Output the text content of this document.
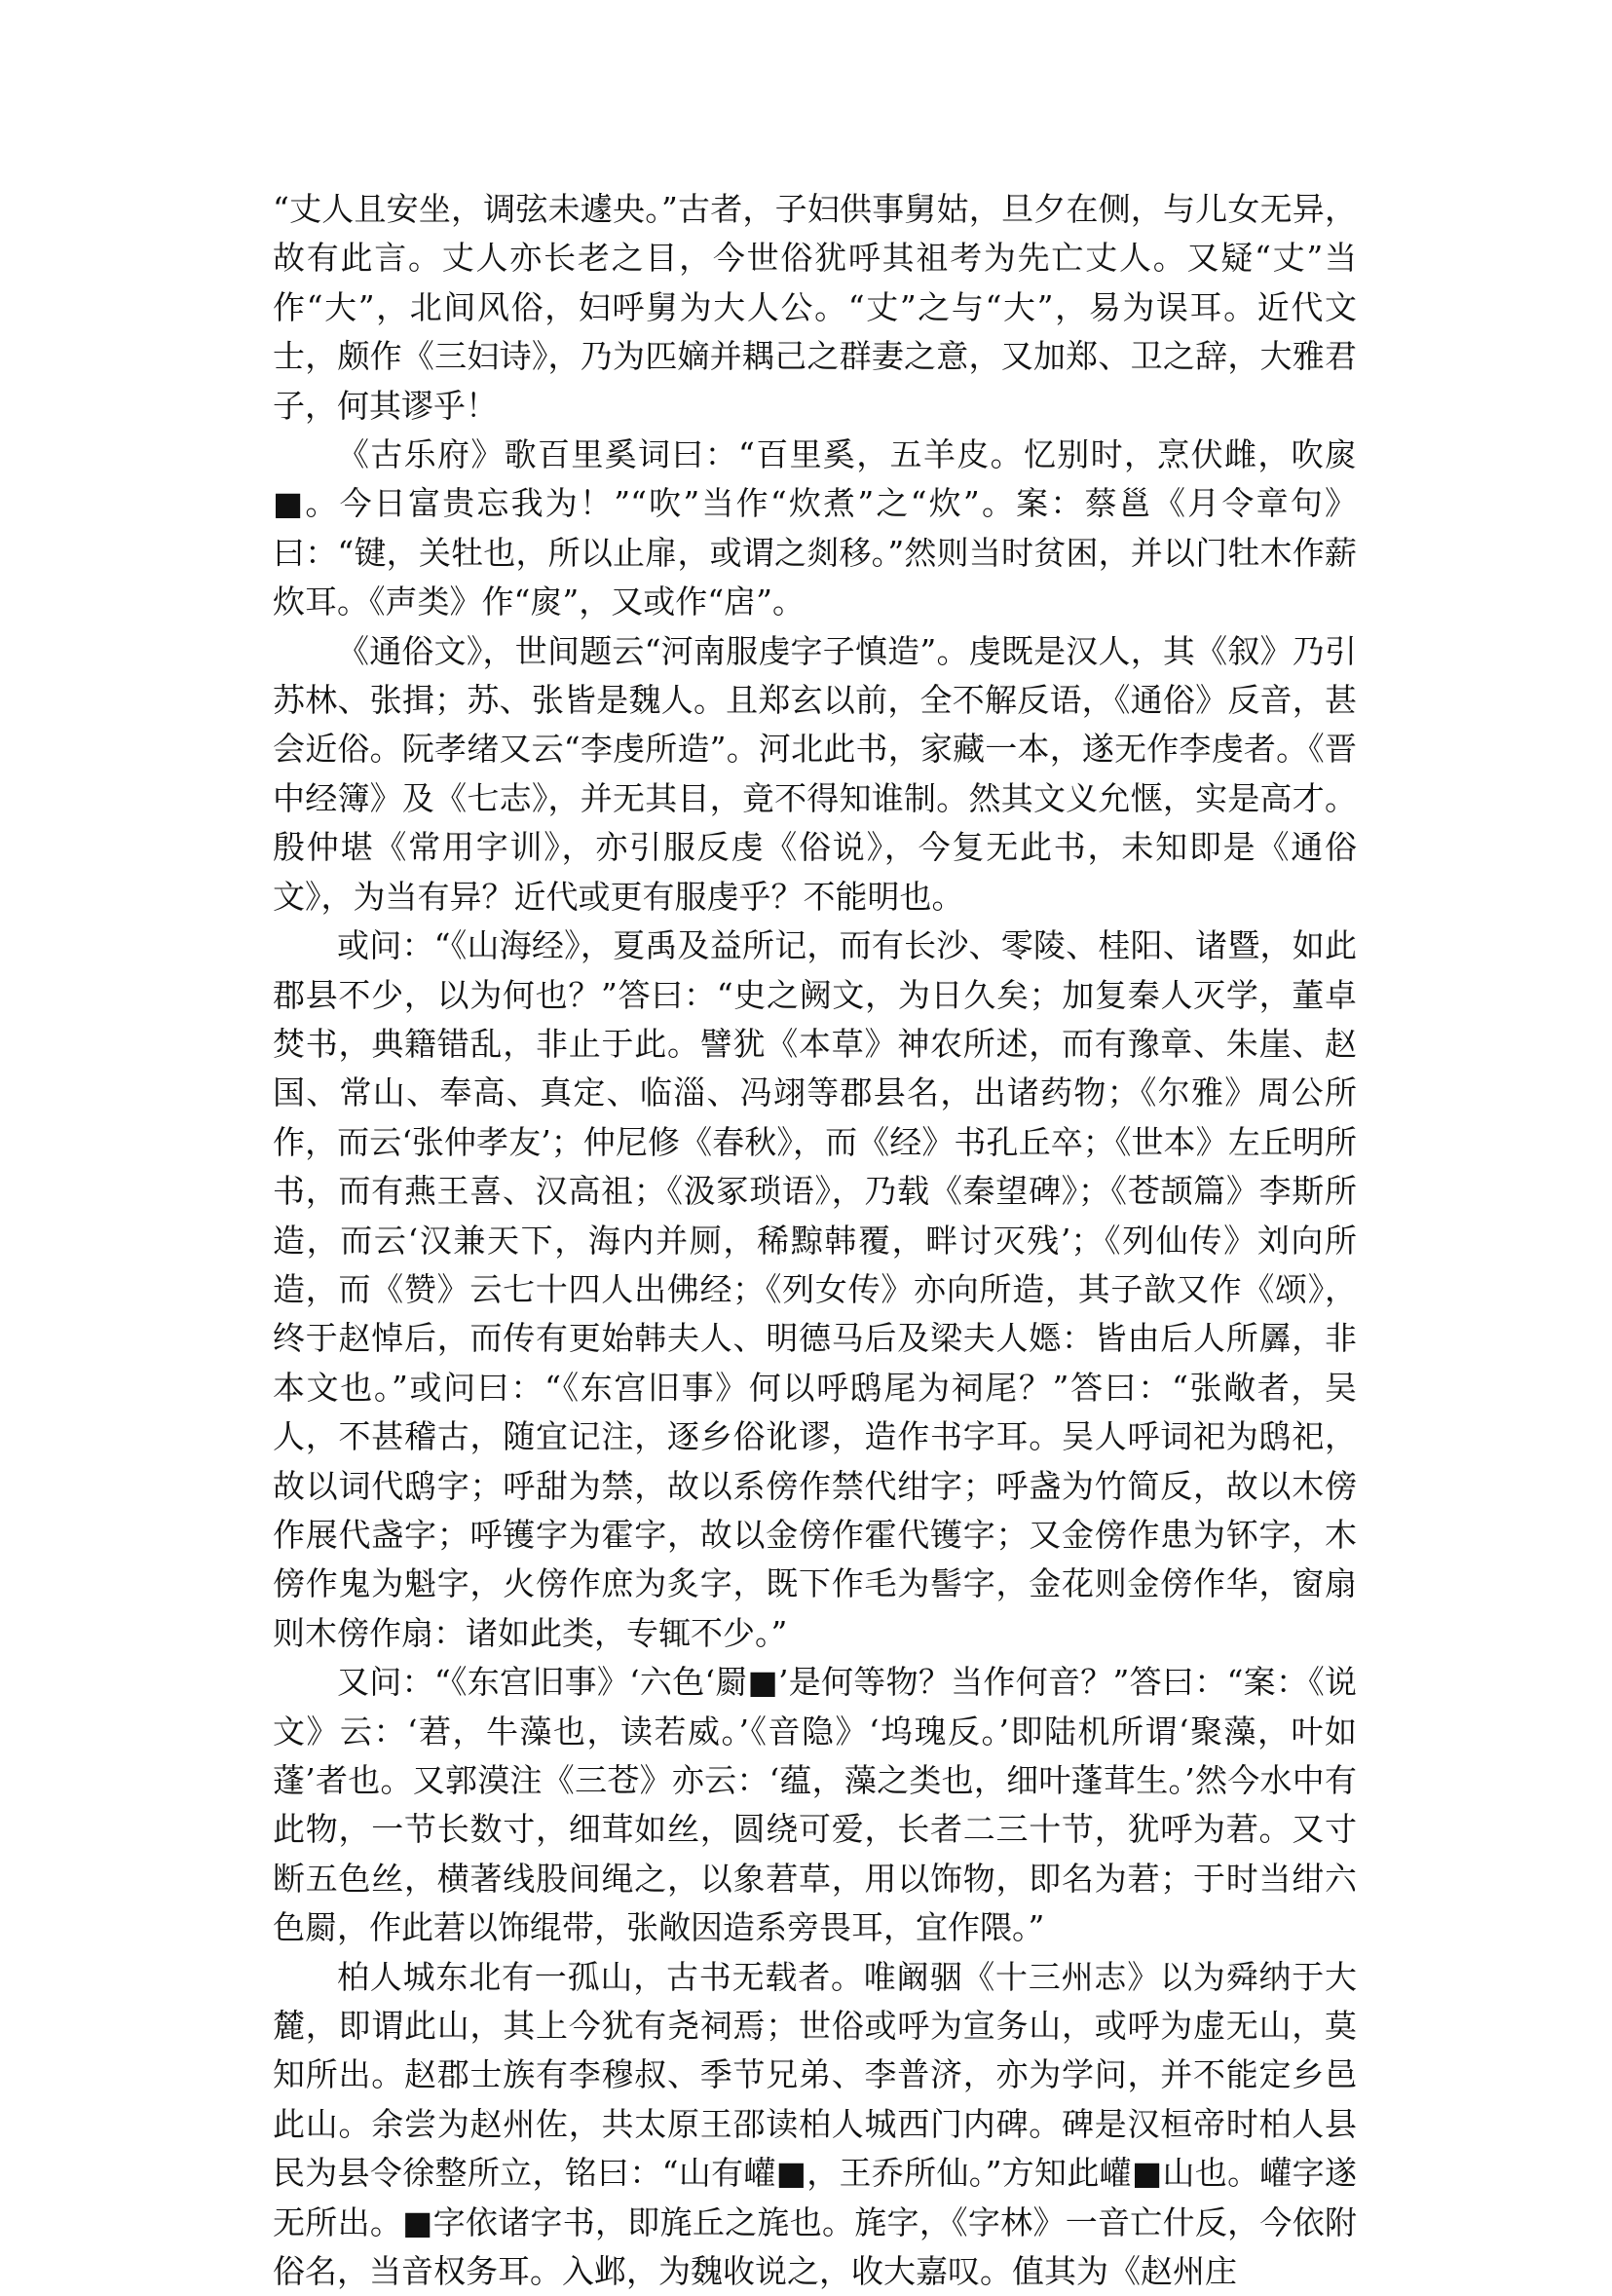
“丈人且安坐，调弦未遽央。”古者，子妇供事舅姑，旦夕在侧，与儿女无异，故有此言。丈人亦长老之目，今世俗犹呼其祖考为先亡丈人。又疑“丈”当作“大”，北间风俗，妇呼舅为大人公。“丈”之与“大”，易为误耳。近代文士，颇作《三妇诗》，乃为匹嫡并耦己之群妻之意，又加郑、卫之辞，大雅君子，何其谬乎！

《古乐府》歌百里奚词曰：“百里奚，五羊皮。忆别时，烹伏雌，吹扊■。今日富贵忘我为！”“吹”当作“炊煮”之“炊”。案：蔡邕《月令章句》曰：“键，关牡也，所以止扉，或谓之剡移。”然则当时贫困，并以门牡木作薪炊耳。《声类》作“扊”，又或作“扂”。

《通俗文》，世间题云“河南服虔字子慎造”。虔既是汉人，其《叙》乃引苏林、张揖；苏、张皆是魏人。且郑玄以前，全不解反语，《通俗》反音，甚会近俗。阮孝绪又云“李虔所造”。河北此书，家藏一本，遂无作李虔者。《晋中经簿》及《七志》，并无其目，竟不得知谁制。然其文义允惬，实是高才。殷仲堪《常用字训》，亦引服反虔《俗说》，今复无此书，未知即是《通俗文》，为当有异？近代或更有服虔乎？不能明也。

或问：“《山海经》，夏禹及益所记，而有长沙、零陵、桂阳、诸暨，如此郡县不少，以为何也？”答曰：“史之阙文，为日久矣；加复秦人灭学，董卓焚书，典籍错乱，非止于此。譬犹《本草》神农所述，而有豫章、朱崖、赵国、常山、奉高、真定、临淄、冯翊等郡县名，出诸药物；《尔雅》周公所作，而云‘张仲孝友’；仲尼修《春秋》，而《经》书孔丘卒；《世本》左丘明所书，而有燕王喜、汉高祖；《汲冢琐语》，乃载《秦望碑》；《苍颉篇》李斯所造，而云‘汉兼天下，海内并厕，稀黥韩覆，畔讨灭残’；《列仙传》刘向所造，而《赞》云七十四人出佛经；《列女传》亦向所造，其子歆又作《颂》，终于赵悼后，而传有更始韩夫人、明德马后及梁夫人嫕：皆由后人所羼，非本文也。”或问曰：“《东宫旧事》何以呼鸱尾为祠尾？”答曰：“张敞者，吴人，不甚稽古，随宜记注，逐乡俗讹谬，造作书字耳。吴人呼词祀为鸱祀，故以词代鸱字；呼甜为禁，故以系傍作禁代绀字；呼盏为竹简反，故以木傍作展代盏字；呼镬字为霍字，故以金傍作霍代镬字；又金傍作患为钚字，木傍作鬼为魁字，火傍作庶为炙字，既下作毛为髻字，金花则金傍作华，窗扇则木傍作扇：诸如此类，专辄不少。”

又问：“《东宫旧事》‘六色‘罽■’是何等物？当作何音？”答曰：“案：《说文》云：‘莙，牛藻也，读若威。’《音隐》‘坞瑰反。’即陆机所谓‘聚藻，叶如蓬’者也。又郭漠注《三苍》亦云：‘蕴，藻之类也，细叶蓬茸生。’然今水中有此物，一节长数寸，细茸如丝，圆绕可爱，长者二三十节，犹呼为莙。又寸断五色丝，横著线股间绳之，以象莙草，用以饰物，即名为莙；于时当绀六色罽，作此莙以饰绲带，张敞因造系旁畏耳，宜作隈。”

柏人城东北有一孤山，古书无载者。唯阚骃《十三州志》以为舜纳于大麓，即谓此山，其上今犹有尧祠焉；世俗或呼为宣务山，或呼为虚无山，莫知所出。赵郡士族有李穆叔、季节兄弟、李普济，亦为学问，并不能定乡邑此山。余尝为赵州佐，共太原王邵读柏人城西门内碑。碑是汉桓帝时柏人县民为县令徐整所立，铭曰：“山有巏■，王乔所仙。”方知此巏■山也。巏字遂无所出。■字依诸字书，即旄丘之旄也。旄字，《字林》一音亡什反，今依附俗名，当音权务耳。入邺，为魏收说之，收大嘉叹。值其为《赵州庄
